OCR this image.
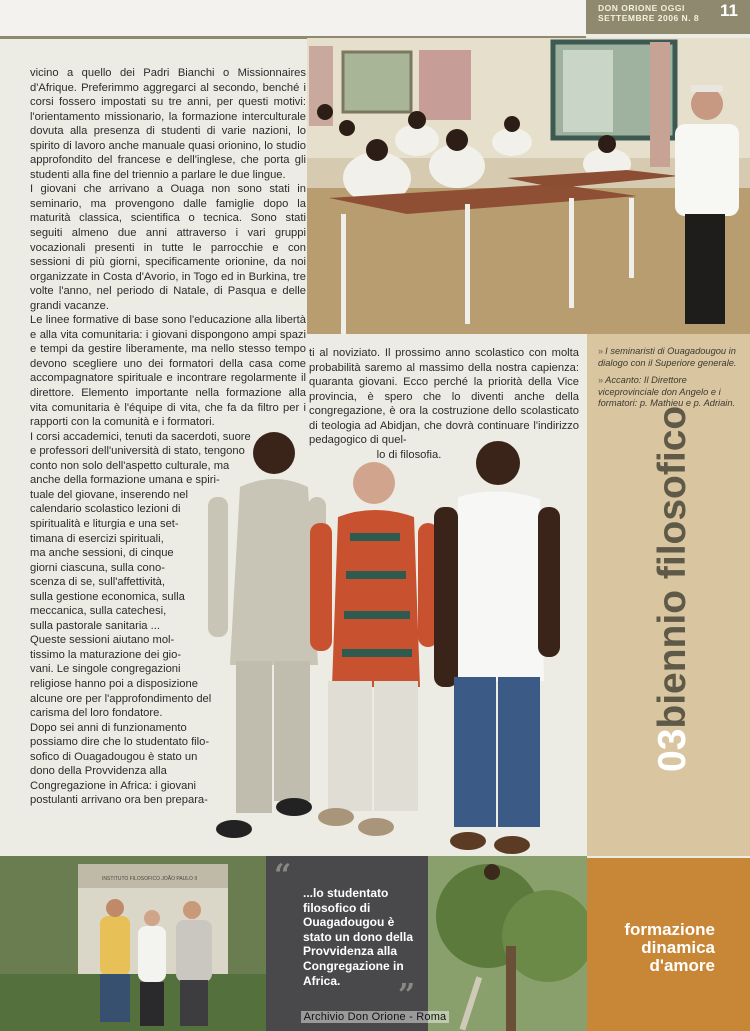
DON ORIONE OGGI
SETTEMBRE 2006 N. 8 11

vicino a quello dei Padri Bianchi o Missionnaires d'Afrique. Preferimmo aggregarci al secondo, benché i corsi fossero impostati su tre anni, per questi motivi: l'orientamento missionario, la formazione interculturale dovuta alla presenza di studenti di varie nazioni, lo spirito di lavoro anche manuale quasi orionino, lo studio approfondito del francese e dell'inglese, che porta gli studenti alla fine del triennio a parlare le due lingue.

I giovani che arrivano a Ouaga non sono stati in seminario, ma provengono dalle famiglie dopo la maturità classica, scientifica o tecnica. Sono stati seguiti almeno due anni attraverso i vari gruppi vocazionali presenti in tutte le parrocchie e con sessioni di più giorni, specificamente orionine, da noi organizzate in Costa d'Avorio, in Togo ed in Burkina, tre volte l'anno, nel periodo di Natale, di Pasqua e delle grandi vacanze.

Le linee formative di base sono l'educazione alla libertà e alla vita comunitaria: i giovani dispongono ampi spazi e tempi da gestire liberamente, ma nello stesso tempo devono scegliere uno dei formatori della casa come accompagnatore spirituale e incontrare regolarmente il direttore. Elemento importante nella formazione alla vita comunitaria è l'équipe di vita, che fa da filtro per i rapporti con la comunità e i formatori.

I corsi accademici, tenuti da sacerdoti, suore
e professori dell'università di stato, tengono
conto non solo dell'aspetto culturale, ma
anche della formazione umana e spiri-
tuale del giovane, inserendo nel
calendario scolastico lezioni di
spiritualità e liturgia e una set-
timana di esercizi spirituali,
ma anche sessioni, di cinque
giorni ciascuna, sulla cono-
scenza di se, sull'affettività,
sulla gestione economica, sulla
meccanica, sulla catechesi,
sulla pastorale sanitaria ...
Queste sessioni aiutano mol-
tissimo la maturazione dei gio-
vani. Le singole congregazioni
religiose hanno poi a disposizione
alcune ore per l'approfondimento del
carisma del loro fondatore.
Dopo sei anni di funzionamento
possiamo dire che lo studentato filo-
sofico di Ouagadougou è stato un
dono della Provvidenza alla
Congregazione in Africa: i giovani
postulanti arrivano ora ben prepara-
ti al noviziato. Il prossimo anno scolastico con molta probabilità saremo al massimo della nostra capienza: quaranta giovani. Ecco perché la priorità della Vice provincia, è spero che lo diventi anche della congregazione, è ora la costruzione dello scolasticato di teologia ad Abidjan, che dovrà continuare l'indirizzo pedagogico di quel-
lo di filosofia.
» I seminaristi di Ouagadougou in dialogo con il Superiore generale.
» Accanto: Il Direttore viceprovinciale don Angelo e i formatori: p. Mathieu e p. Adriain.
03biennio filosofico
formazione
dinamica
d'amore
INSTITUTO FILOSOFICO JOÃO PAULO II	“ ...lo studentato filosofico di Ouagadougou è stato un dono della Provvidenza alla Congregazione in Africa.	”
Archivio Don Orione - Roma
